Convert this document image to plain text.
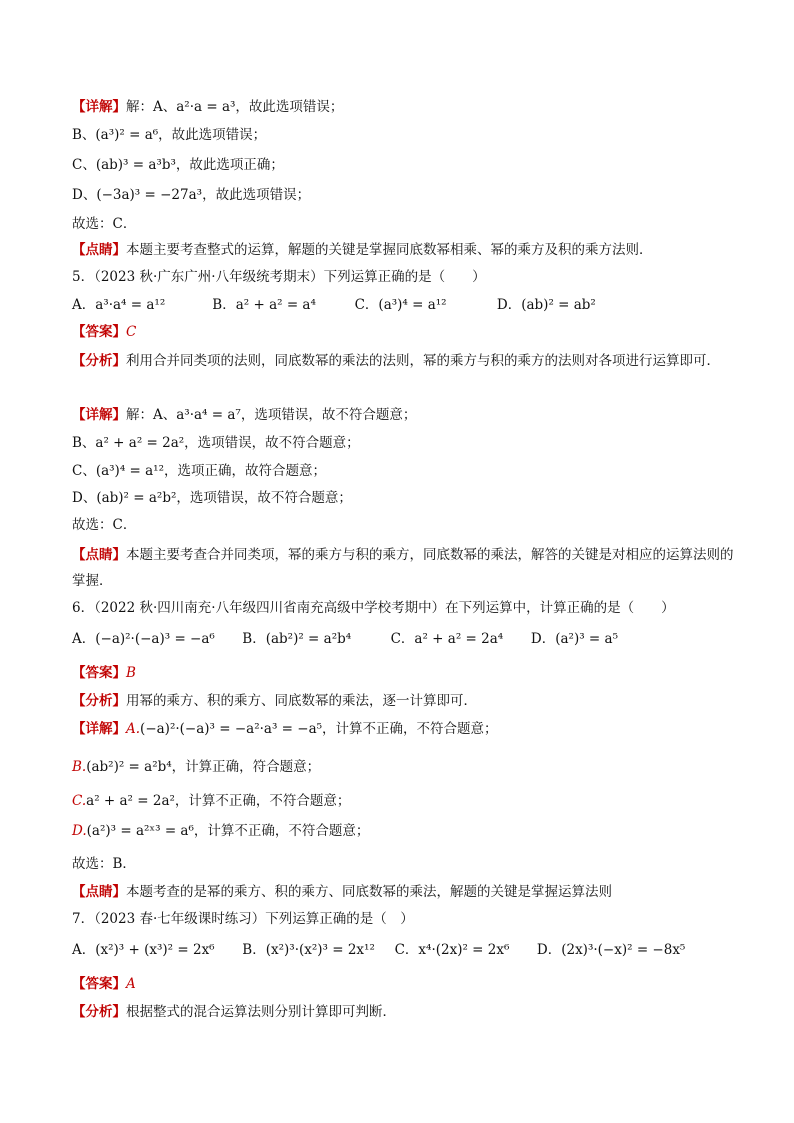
【详解】解：A、a²·a = a³，故此选项错误；
B、(a³)² = a⁶，故此选项错误；
C、(ab)³ = a³b³，故此选项正确；
D、(−3a)³ = −27a³，故此选项错误；
故选：C．
【点睛】本题主要考查整式的运算，解题的关键是掌握同底数幂相乘、幂的乘方及积的乘方法则．
5．（2023 秋·广东广州·八年级统考期末）下列运算正确的是（　　）
A．a³·a⁴ = a¹²	B．a² + a² = a⁴	C．(a³)⁴ = a¹²	D．(ab)² = ab²
【答案】C
【分析】利用合并同类项的法则，同底数幂的乘法的法则，幂的乘方与积的乘方的法则对各项进行运算即可．
【详解】解：A、a³·a⁴ = a⁷，选项错误，故不符合题意；
B、a² + a² = 2a²，选项错误，故不符合题意；
C、(a³)⁴ = a¹²，选项正确，故符合题意；
D、(ab)² = a²b²，选项错误，故不符合题意；
故选：C．
【点睛】本题主要考查合并同类项，幂的乘方与积的乘方，同底数幂的乘法，解答的关键是对相应的运算法则的掌握．
6．（2022 秋·四川南充·八年级四川省南充高级中学校考期中）在下列运算中，计算正确的是（　　）
A．(−a)²·(−a)³ = −a⁶ B．(ab²)² = a²b⁴	C．a² + a² = 2a⁴ D．(a²)³ = a⁵
【答案】B
【分析】用幂的乘方、积的乘方、同底数幂的乘法，逐一计算即可．
【详解】A.(−a)²·(−a)³ = −a²·a³ = −a⁵，计算不正确，不符合题意；
B.(ab²)² = a²b⁴，计算正确，符合题意；
C.a² + a² = 2a²，计算不正确，不符合题意；
D.(a²)³ = a²ˣ³ = a⁶，计算不正确，不符合题意；
故选：B．
【点睛】本题考查的是幂的乘方、积的乘方、同底数幂的乘法，解题的关键是掌握运算法则
7．（2023 春·七年级课时练习）下列运算正确的是（　）
A．(x²)³ + (x³)² = 2x⁶ B．(x²)³·(x²)³ = 2x¹² C．x⁴·(2x)² = 2x⁶ D．(2x)³·(−x)² = −8x⁵
【答案】A
【分析】根据整式的混合运算法则分别计算即可判断．
